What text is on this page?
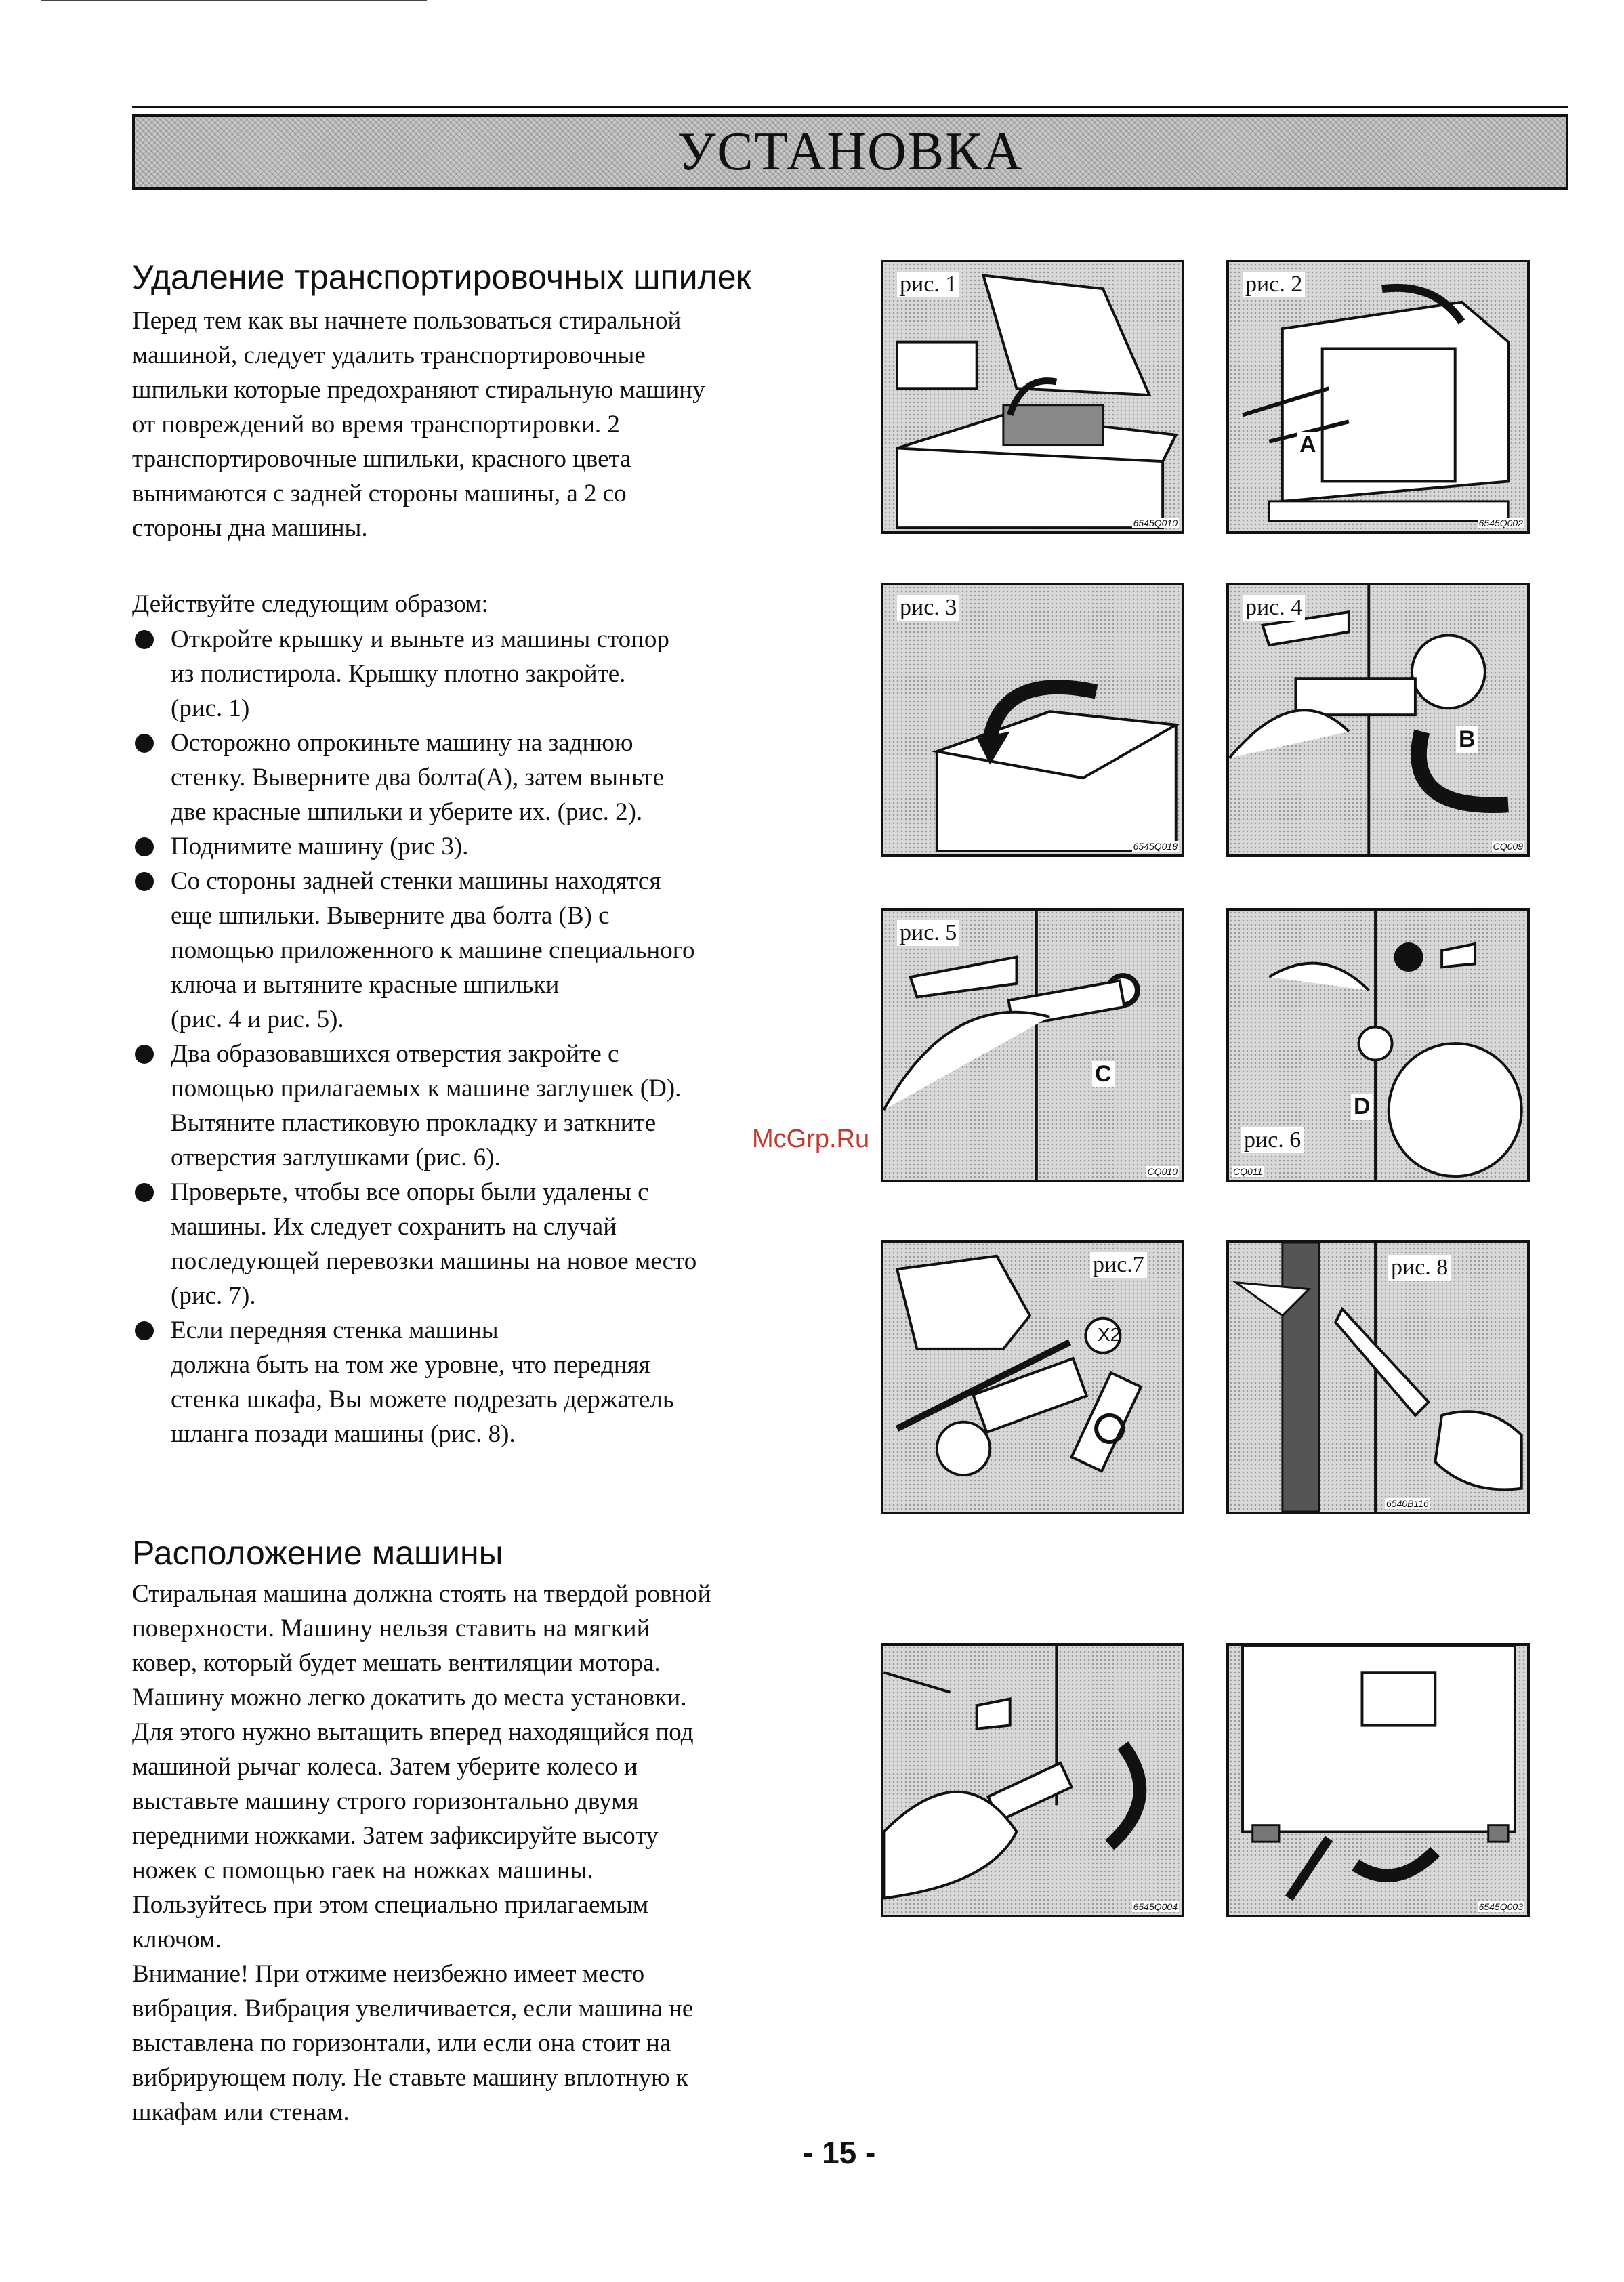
УСТАНОВКА
Удаление транспортировочных шпилек
Перед тем как вы начнете пользоваться стиральной
машиной, следует удалить транспортировочные
шпильки которые предохраняют стиральную машину
от повреждений во время транспортировки. 2
транспортировочные шпильки, красного цвета
вынимаются с задней стороны машины, а 2 со
стороны дна машины.
Действуйте следующим образом:
Откройте крышку и выньте из машины стопор
из полистирола. Крышку плотно закройте.
(рис. 1)
Осторожно опрокиньте машину на заднюю
стенку. Выверните два болта(А), затем выньте
две красные шпильки и уберите их. (рис. 2).
Поднимите машину (рис 3).
Со стороны задней стенки машины находятся
еще шпильки. Выверните два болта (В) с
помощью приложенного к машине специального
ключа и вытяните красные шпильки
(рис. 4 и рис. 5).
Два образовавшихся отверстия закройте с
помощью прилагаемых к машине заглушек (D).
Вытяните пластиковую прокладку и заткните
отверстия заглушками (рис. 6).
Проверьте, чтобы все опоры были удалены с
машины. Их следует сохранить на случай
последующей перевозки машины на новое место
(рис. 7).
Если передняя стенка машины
должна быть на том же уровне, что передняя
стенка шкафа, Вы можете подрезать держатель
шланга позади машины (рис. 8).
Расположение машины
Стиральная машина должна стоять на твердой ровной
поверхности. Машину нельзя ставить на мягкий
ковер, который будет мешать вентиляции мотора.
Машину можно легко докатить до места установки.
Для этого нужно вытащить вперед находящийся под
машиной рычаг колеса. Затем уберите колесо и
выставьте машину строго горизонтально двумя
передними ножками. Затем зафиксируйте высоту
ножек с помощью гаек на ножках машины.
Пользуйтесь при этом специально прилагаемым
ключом.
Внимание! При отжиме неизбежно имеет место
вибрация. Вибрация увеличивается, если машина не
выставлена по горизонтали, или если она стоит на
вибрирующем полу. Не ставьте машину вплотную к
шкафам или стенам.
рис. 1
6545Q010
рис. 2
A
6545Q002
рис. 3
6545Q018
рис. 4
B
CQ009
рис. 5
C
CQ010
рис. 6
D
CQ011
рис.7
X2
рис. 8
6540B116
6545Q004	6545Q003
McGrp.Ru
- 15 -
